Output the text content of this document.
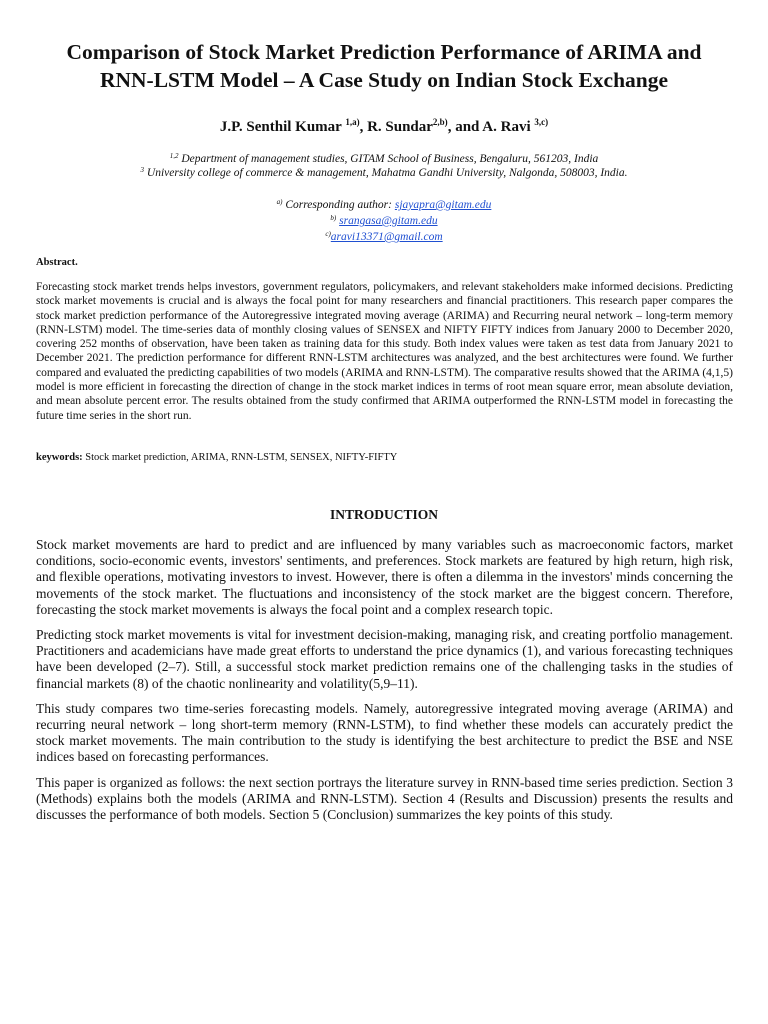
Comparison of Stock Market Prediction Performance of ARIMA and
RNN-LSTM Model – A Case Study on Indian Stock Exchange
J.P. Senthil Kumar $^{1,a)}$, R. Sundar$^{2,b)}$, and A. Ravi $^{3,c)}$
$^{1,2}$ Department of management studies, GITAM School of Business, Bengaluru, 561203, India
$^3$ University college of commerce & management, Mahatma Gandhi University, Nalgonda, 508003, India.
$^{a)}$ Corresponding author: sjayapra@gitam.edu
$^{b)}$ srangasa@gitam.edu
$^{c)}$aravi13371@gmail.com
Abstract.
Forecasting stock market trends helps investors, government regulators, policymakers, and relevant stakeholders make informed decisions. Predicting stock market movements is crucial and is always the focal point for many researchers and financial practitioners. This research paper compares the stock market prediction performance of the Autoregressive integrated moving average (ARIMA) and Recurring neural network – long-term memory (RNN-LSTM) model. The time-series data of monthly closing values of SENSEX and NIFTY FIFTY indices from January 2000 to December 2020, covering 252 months of observation, have been taken as training data for this study. Both index values were taken as test data from January 2021 to December 2021. The prediction performance for different RNN-LSTM architectures was analyzed, and the best architectures were found. We further compared and evaluated the predicting capabilities of two models (ARIMA and RNN-LSTM). The comparative results showed that the ARIMA (4,1,5) model is more efficient in forecasting the direction of change in the stock market indices in terms of root mean square error, mean absolute deviation, and mean absolute percent error. The results obtained from the study confirmed that ARIMA outperformed the RNN-LSTM model in forecasting the future time series in the short run.
keywords: Stock market prediction, ARIMA, RNN-LSTM, SENSEX, NIFTY-FIFTY
INTRODUCTION

Stock market movements are hard to predict and are influenced by many variables such as macroeconomic factors, market conditions, socio-economic events, investors' sentiments, and preferences. Stock markets are featured by high return, high risk, and flexible operations, motivating investors to invest. However, there is often a dilemma in the investors' minds concerning the movements of the stock market. The fluctuations and inconsistency of the stock market are the biggest concern. Therefore, forecasting the stock market movements is always the focal point and a complex research topic.

Predicting stock market movements is vital for investment decision-making, managing risk, and creating portfolio management. Practitioners and academicians have made great efforts to understand the price dynamics (1), and various forecasting techniques have been developed (2–7). Still, a successful stock market prediction remains one of the challenging tasks in the studies of financial markets (8) of the chaotic nonlinearity and volatility(5,9–11).

This study compares two time-series forecasting models. Namely, autoregressive integrated moving average (ARIMA) and recurring neural network – long short-term memory (RNN-LSTM), to find whether these models can accurately predict the stock market movements. The main contribution to the study is identifying the best architecture to predict the BSE and NSE indices based on forecasting performances.

This paper is organized as follows: the next section portrays the literature survey in RNN-based time series prediction. Section 3 (Methods) explains both the models (ARIMA and RNN-LSTM). Section 4 (Results and Discussion) presents the results and discusses the performance of both models. Section 5 (Conclusion) summarizes the key points of this study.
